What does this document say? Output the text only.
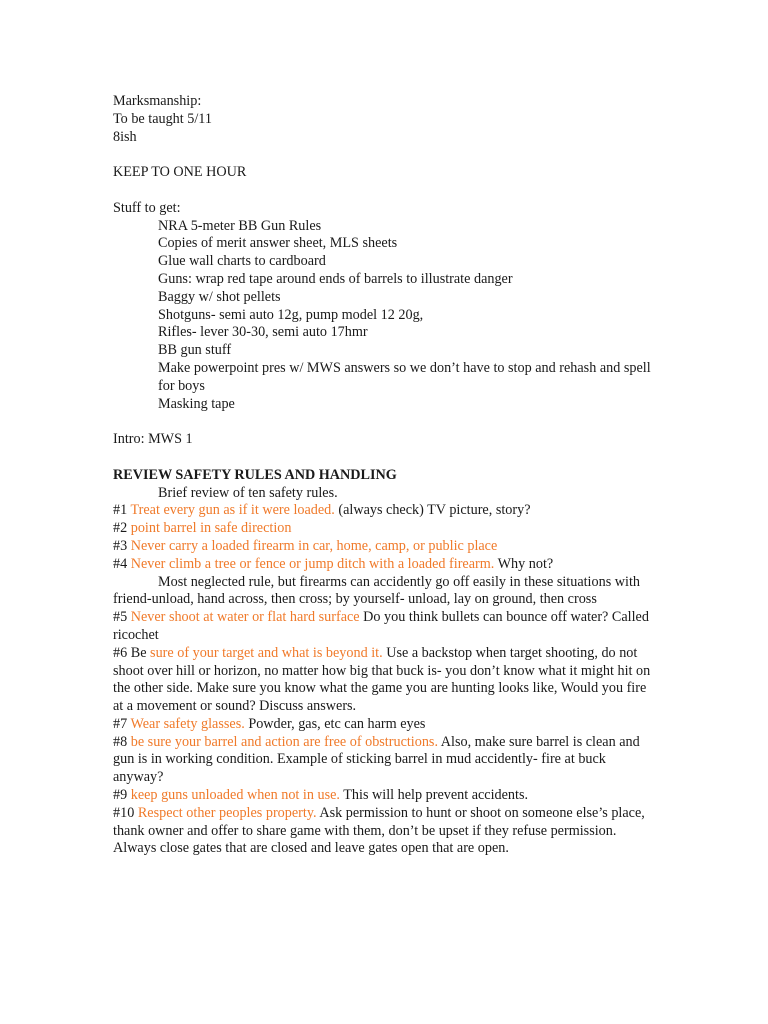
Marksmanship:
To be taught 5/11
8ish
KEEP TO ONE HOUR
Stuff to get:
NRA 5-meter BB Gun Rules
Copies of merit answer sheet, MLS sheets
Glue wall charts to cardboard
Guns: wrap red tape around ends of barrels to illustrate danger
Baggy w/ shot pellets
Shotguns- semi auto 12g, pump model 12 20g,
Rifles- lever 30-30, semi auto 17hmr
BB gun stuff
Make powerpoint pres w/ MWS answers so we don’t have to stop and rehash and spell for boys
Masking tape
Intro: MWS 1
REVIEW SAFETY RULES AND HANDLING
Brief review of ten safety rules.
#1 Treat every gun as if it were loaded. (always check) TV picture, story?
#2 point barrel in safe direction
#3 Never carry a loaded firearm in car, home, camp, or public place
#4 Never climb a tree or fence or jump ditch with a loaded firearm. Why not?
Most neglected rule, but firearms can accidently go off easily in these situations with friend-unload, hand across, then cross; by yourself- unload, lay on ground, then cross
#5 Never shoot at water or flat hard surface Do you think bullets can bounce off water? Called ricochet
#6 Be sure of your target and what is beyond it. Use a backstop when target shooting, do not shoot over hill or horizon, no matter how big that buck is- you don’t know what it might hit on the other side. Make sure you know what the game you are hunting looks like, Would you fire at a movement or sound? Discuss answers.
#7 Wear safety glasses. Powder, gas, etc can harm eyes
#8 be sure your barrel and action are free of obstructions. Also, make sure barrel is clean and gun is in working condition. Example of sticking barrel in mud accidently- fire at buck anyway?
#9 keep guns unloaded when not in use. This will help prevent accidents.
#10 Respect other peoples property. Ask permission to hunt or shoot on someone else’s place, thank owner and offer to share game with them, don’t be upset if they refuse permission. Always close gates that are closed and leave gates open that are open.
